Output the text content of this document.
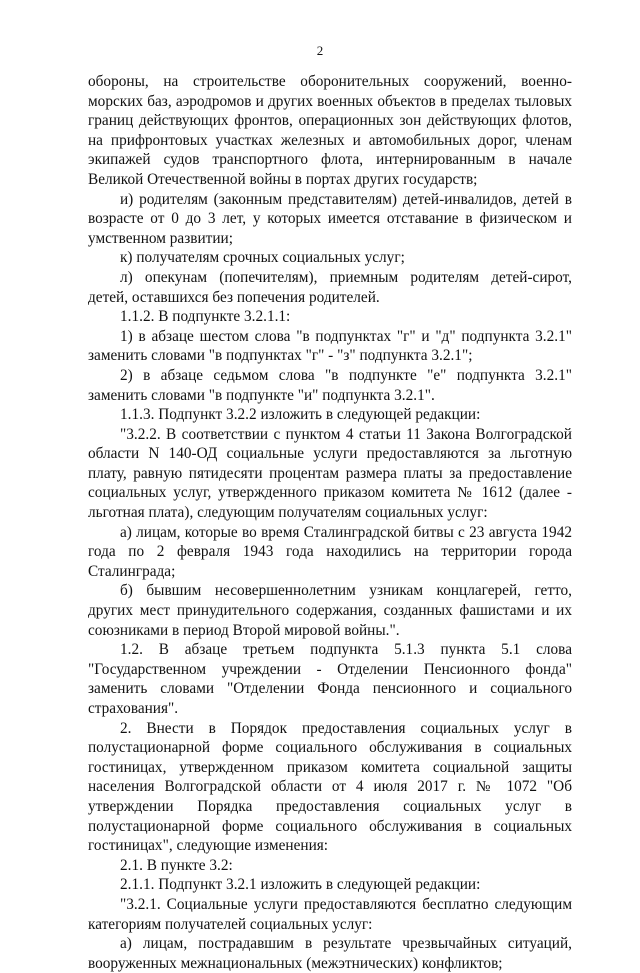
2

обороны, на строительстве оборонительных сооружений, военно-морских баз, аэродромов и других военных объектов в пределах тыловых границ действующих фронтов, операционных зон действующих флотов, на прифронтовых участках железных и автомобильных дорог, членам экипажей судов транспортного флота, интернированным в начале Великой Отечественной войны в портах других государств;

и) родителям (законным представителям) детей-инвалидов, детей в возрасте от 0 до 3 лет, у которых имеется отставание в физическом и умственном развитии;

к) получателям срочных социальных услуг;

л) опекунам (попечителям), приемным родителям детей-сирот, детей, оставшихся без попечения родителей.

1.1.2. В подпункте 3.2.1.1:

1) в абзаце шестом слова "в подпунктах "г" и "д" подпункта 3.2.1" заменить словами "в подпунктах "г" - "з" подпункта 3.2.1";

2) в абзаце седьмом слова "в подпункте "е" подпункта 3.2.1" заменить словами "в подпункте "и" подпункта 3.2.1".

1.1.3. Подпункт 3.2.2 изложить в следующей редакции:

"3.2.2. В соответствии с пунктом 4 статьи 11 Закона Волгоградской области N 140-ОД социальные услуги предоставляются за льготную плату, равную пятидесяти процентам размера платы за предоставление социальных услуг, утвержденного приказом комитета № 1612 (далее - льготная плата), следующим получателям социальных услуг:

а) лицам, которые во время Сталинградской битвы с 23 августа 1942 года по 2 февраля 1943 года находились на территории города Сталинграда;

б) бывшим несовершеннолетним узникам концлагерей, гетто, других мест принудительного содержания, созданных фашистами и их союзниками в период Второй мировой войны.".

1.2. В абзаце третьем подпункта 5.1.3 пункта 5.1 слова "Государственном учреждении - Отделении Пенсионного фонда" заменить словами "Отделении Фонда пенсионного и социального страхования".

2. Внести в Порядок предоставления социальных услуг в полустационарной форме социального обслуживания в социальных гостиницах, утвержденном приказом комитета социальной защиты населения Волгоградской области от 4 июля 2017 г. № 1072 "Об утверждении Порядка предоставления социальных услуг в полустационарной форме социального обслуживания в социальных гостиницах", следующие изменения:

2.1. В пункте 3.2:

2.1.1. Подпункт 3.2.1 изложить в следующей редакции:

"3.2.1. Социальные услуги предоставляются бесплатно следующим категориям получателей социальных услуг:

а) лицам, пострадавшим в результате чрезвычайных ситуаций, вооруженных межнациональных (межэтнических) конфликтов;
